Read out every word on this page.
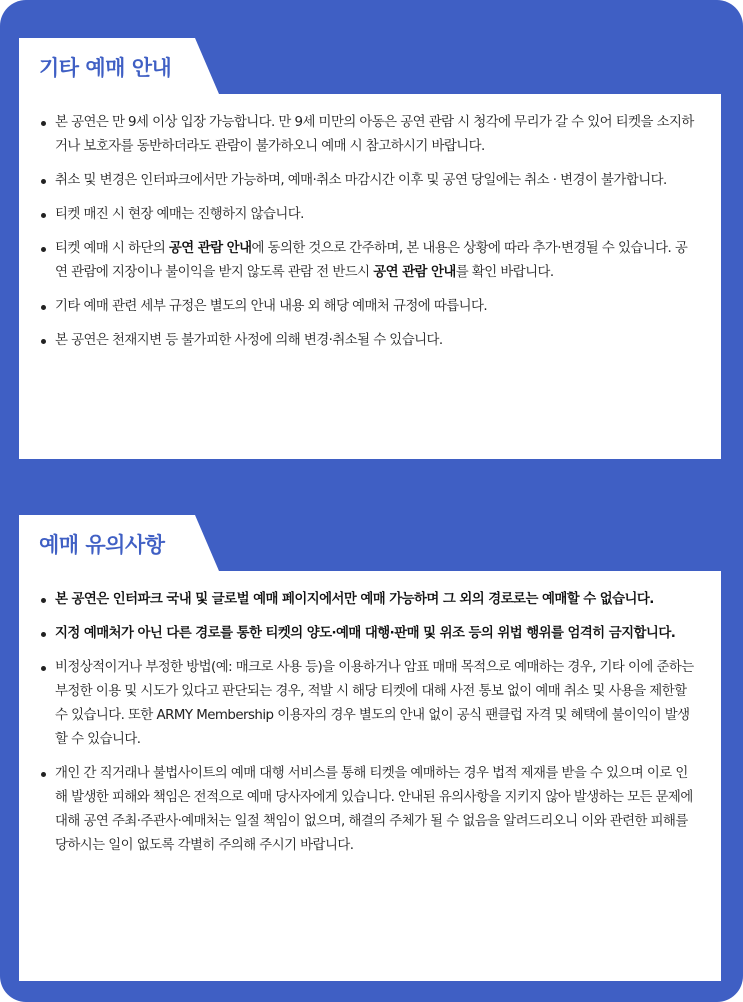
기타 예매 안내
본 공연은 만 9세 이상 입장 가능합니다. 만 9세 미만의 아동은 공연 관람 시 청각에 무리가 갈 수 있어 티켓을 소지하거나 보호자를 동반하더라도 관람이 불가하오니 예매 시 참고하시기 바랍니다.
취소 및 변경은 인터파크에서만 가능하며, 예매·취소 마감시간 이후 및 공연 당일에는 취소 · 변경이 불가합니다.
티켓 매진 시 현장 예매는 진행하지 않습니다.
티켓 예매 시 하단의 공연 관람 안내에 동의한 것으로 간주하며, 본 내용은 상황에 따라 추가·변경될 수 있습니다. 공연 관람에 지장이나 불이익을 받지 않도록 관람 전 반드시 공연 관람 안내를 확인 바랍니다.
기타 예매 관련 세부 규정은 별도의 안내 내용 외 해당 예매처 규정에 따릅니다.
본 공연은 천재지변 등 불가피한 사정에 의해 변경·취소될 수 있습니다.
예매 유의사항
본 공연은 인터파크 국내 및 글로벌 예매 페이지에서만 예매 가능하며 그 외의 경로로는 예매할 수 없습니다.
지정 예매처가 아닌 다른 경로를 통한 티켓의 양도·예매 대행·판매 및 위조 등의 위법 행위를 엄격히 금지합니다.
비정상적이거나 부정한 방법(예: 매크로 사용 등)을 이용하거나 암표 매매 목적으로 예매하는 경우, 기타 이에 준하는 부정한 이용 및 시도가 있다고 판단되는 경우, 적발 시 해당 티켓에 대해 사전 통보 없이 예매 취소 및 사용을 제한할 수 있습니다. 또한 ARMY Membership 이용자의 경우 별도의 안내 없이 공식 팬클럽 자격 및 혜택에 불이익이 발생할 수 있습니다.
개인 간 직거래나 불법사이트의 예매 대행 서비스를 통해 티켓을 예매하는 경우 법적 제재를 받을 수 있으며 이로 인해 발생한 피해와 책임은 전적으로 예매 당사자에게 있습니다. 안내된 유의사항을 지키지 않아 발생하는 모든 문제에 대해 공연 주최·주관사·예매처는 일절 책임이 없으며, 해결의 주체가 될 수 없음을 알려드리오니 이와 관련한 피해를 당하시는 일이 없도록 각별히 주의해 주시기 바랍니다.
